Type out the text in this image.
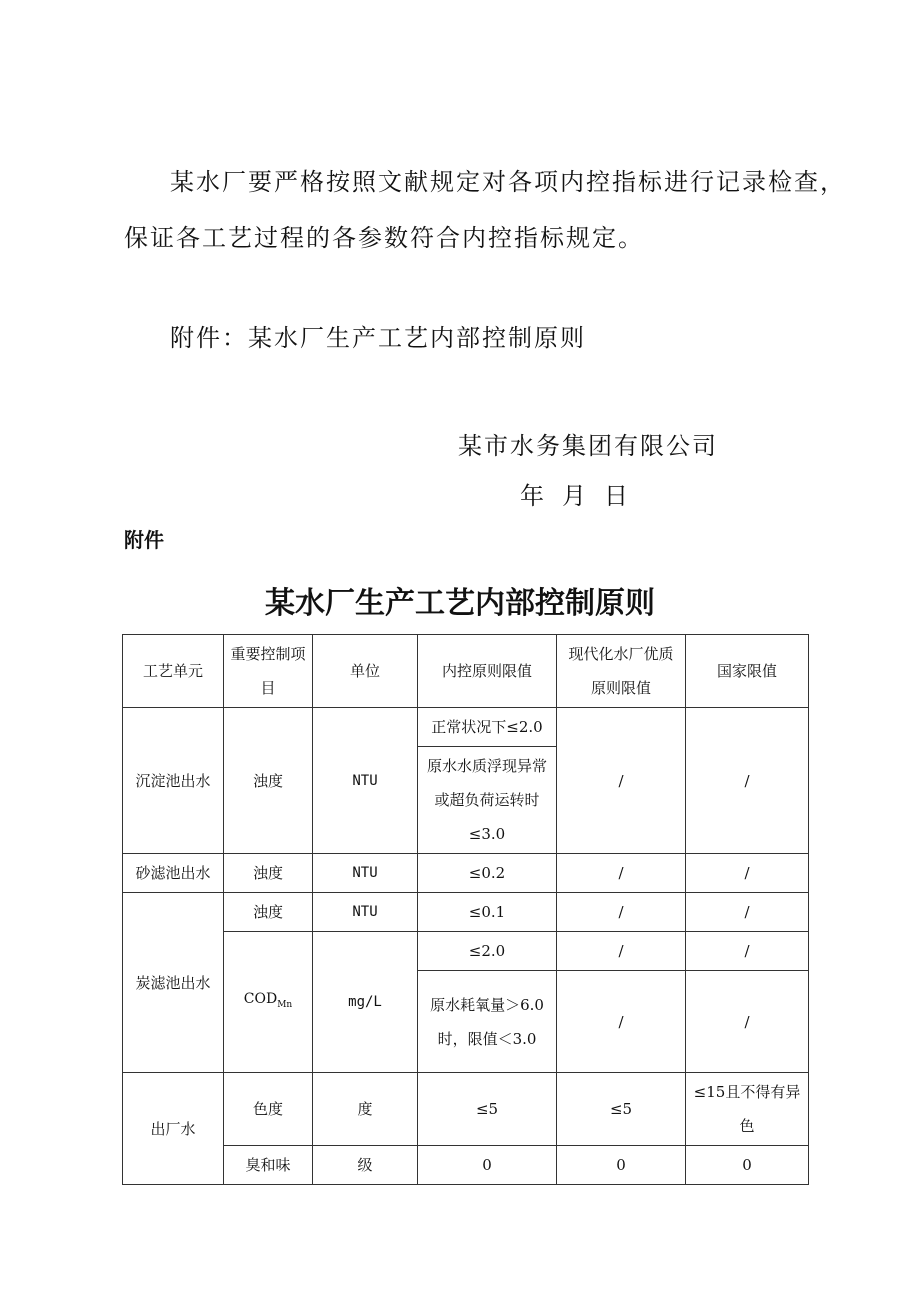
某水厂要严格按照文献规定对各项内控指标进行记录检查，

保证各工艺过程的各参数符合内控指标规定。

附件：某水厂生产工艺内部控制原则

某市水务集团有限公司

年 月 日

附件
某水厂生产工艺内部控制原则
工艺单元	重要控制项目	单位	内控原则限值	现代化水厂优质原则限值	国家限值
沉淀池出水	浊度	NTU	正常状况下≤2.0	/	/
			原水水质浮现异常或超负荷运转时≤3.0		
砂滤池出水	浊度	NTU	≤0.2	/	/
炭滤池出水	浊度	NTU	≤0.1	/	/
	$COD_{Mn}$	mg/L	≤2.0	/	/
			原水耗氧量＞6.0时，限值＜3.0	/	/

出厂水	色度	度	≤5	≤5	≤15且不得有异色
	臭和味	级	0	0	0
